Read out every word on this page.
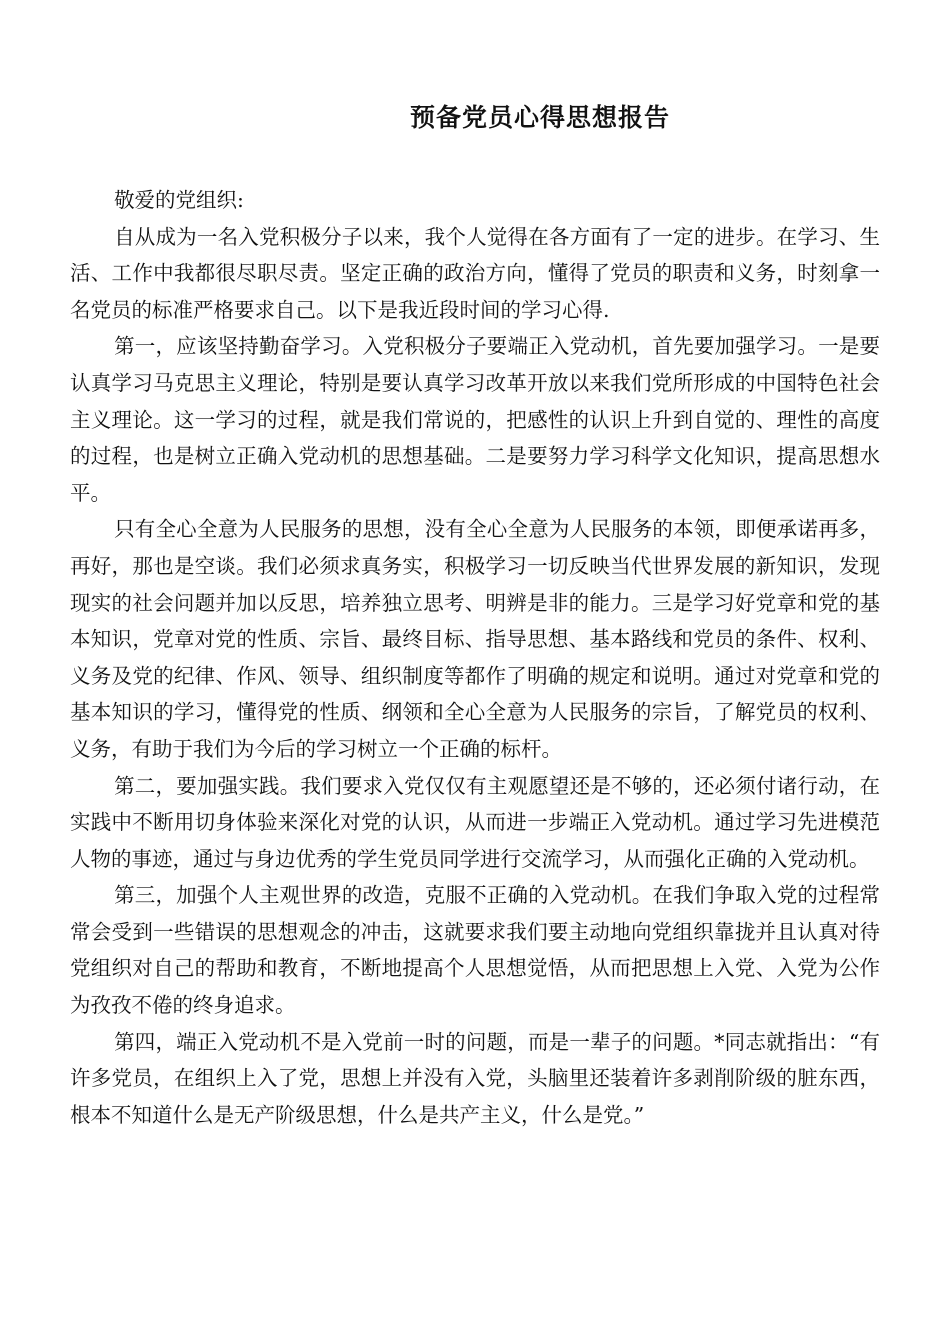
预备党员心得思想报告

敬爱的党组织:

自从成为一名入党积极分子以来，我个人觉得在各方面有了一定的进步。在学习、生活、工作中我都很尽职尽责。坚定正确的政治方向，懂得了党员的职责和义务，时刻拿一名党员的标准严格要求自己。以下是我近段时间的学习心得.

第一，应该坚持勤奋学习。入党积极分子要端正入党动机，首先要加强学习。一是要认真学习马克思主义理论，特别是要认真学习改革开放以来我们党所形成的中国特色社会主义理论。这一学习的过程，就是我们常说的，把感性的认识上升到自觉的、理性的高度的过程，也是树立正确入党动机的思想基础。二是要努力学习科学文化知识，提高思想水平。

只有全心全意为人民服务的思想，没有全心全意为人民服务的本领，即便承诺再多，再好，那也是空谈。我们必须求真务实，积极学习一切反映当代世界发展的新知识，发现现实的社会问题并加以反思，培养独立思考、明辨是非的能力。三是学习好党章和党的基本知识，党章对党的性质、宗旨、最终目标、指导思想、基本路线和党员的条件、权利、义务及党的纪律、作风、领导、组织制度等都作了明确的规定和说明。通过对党章和党的基本知识的学习，懂得党的性质、纲领和全心全意为人民服务的宗旨，了解党员的权利、义务，有助于我们为今后的学习树立一个正确的标杆。

第二，要加强实践。我们要求入党仅仅有主观愿望还是不够的，还必须付诸行动，在实践中不断用切身体验来深化对党的认识，从而进一步端正入党动机。通过学习先进模范人物的事迹，通过与身边优秀的学生党员同学进行交流学习，从而强化正确的入党动机。

第三，加强个人主观世界的改造，克服不正确的入党动机。在我们争取入党的过程常常会受到一些错误的思想观念的冲击，这就要求我们要主动地向党组织靠拢并且认真对待党组织对自己的帮助和教育，不断地提高个人思想觉悟，从而把思想上入党、入党为公作为孜孜不倦的终身追求。

第四，端正入党动机不是入党前一时的问题，而是一辈子的问题。*同志就指出：“有许多党员，在组织上入了党，思想上并没有入党，头脑里还装着许多剥削阶级的脏东西，根本不知道什么是无产阶级思想，什么是共产主义，什么是党。”
